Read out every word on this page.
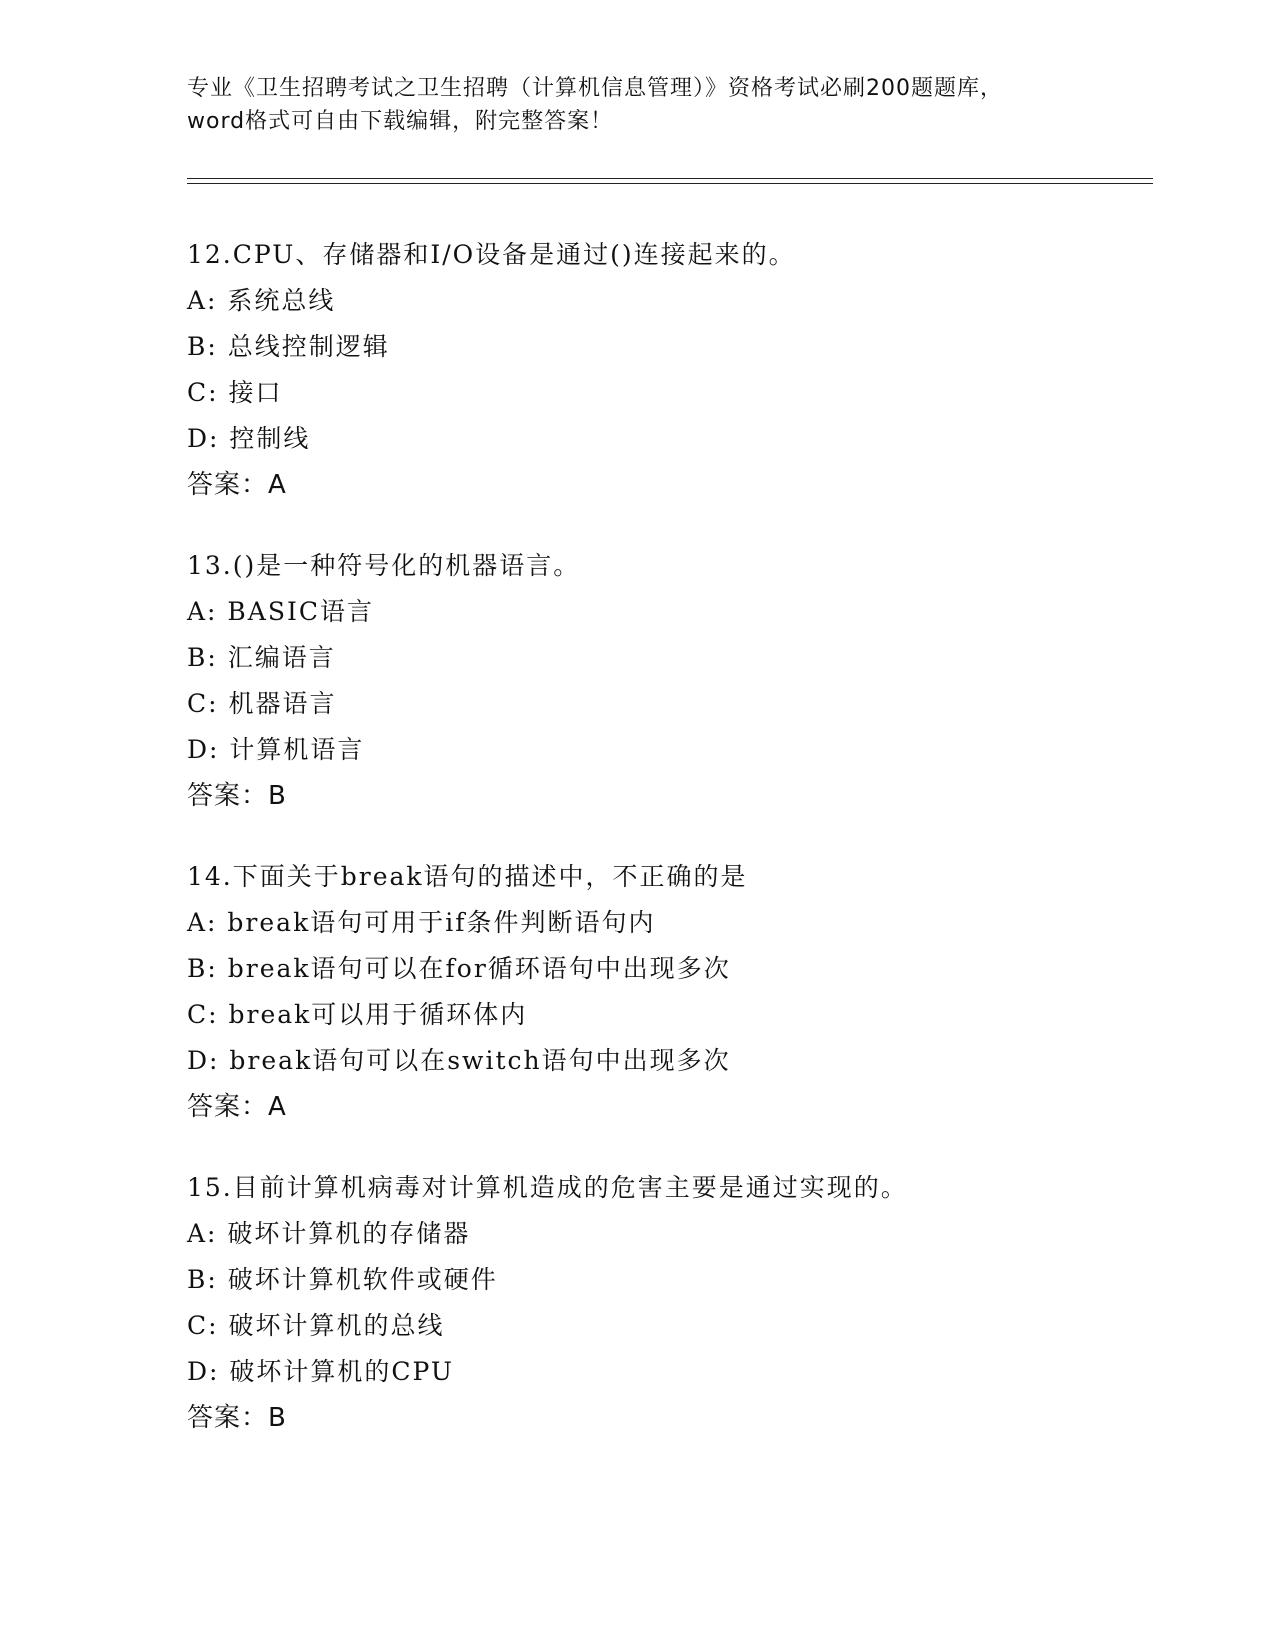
专业《卫生招聘考试之卫生招聘（计算机信息管理）》资格考试必刷200题题库，
word格式可自由下载编辑，附完整答案！
12.CPU、存储器和I/O设备是通过()连接起来的。
A: 系统总线
B: 总线控制逻辑
C: 接口
D: 控制线
答案：A
13.()是一种符号化的机器语言。
A: BASIC语言
B: 汇编语言
C: 机器语言
D: 计算机语言
答案：B
14.下面关于break语句的描述中，不正确的是
A: break语句可用于if条件判断语句内
B: break语句可以在for循环语句中出现多次
C: break可以用于循环体内
D: break语句可以在switch语句中出现多次
答案：A
15.目前计算机病毒对计算机造成的危害主要是通过实现的。
A: 破坏计算机的存储器
B: 破坏计算机软件或硬件
C: 破坏计算机的总线
D: 破坏计算机的CPU
答案：B
